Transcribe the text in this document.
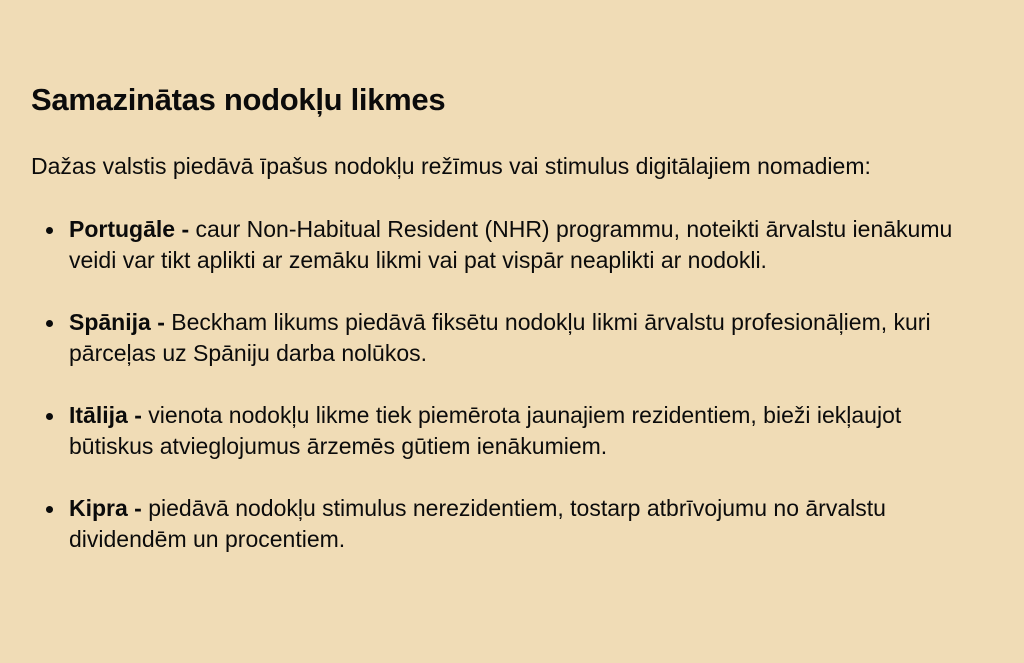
Samazinātas nodokļu likmes

Dažas valstis piedāvā īpašus nodokļu režīmus vai stimulus digitālajiem nomadiem:

Portugāle - caur Non-Habitual Resident (NHR) programmu, noteikti ārvalstu ienākumu veidi var tikt aplikti ar zemāku likmi vai pat vispār neaplikti ar nodokli.
Spānija - Beckham likums piedāvā fiksētu nodokļu likmi ārvalstu profesionāļiem, kuri pārceļas uz Spāniju darba nolūkos.
Itālija - vienota nodokļu likme tiek piemērota jaunajiem rezidentiem, bieži iekļaujot būtiskus atvieglojumus ārzemēs gūtiem ienākumiem.
Kipra - piedāvā nodokļu stimulus nerezidentiem, tostarp atbrīvojumu no ārvalstu dividendēm un procentiem.
